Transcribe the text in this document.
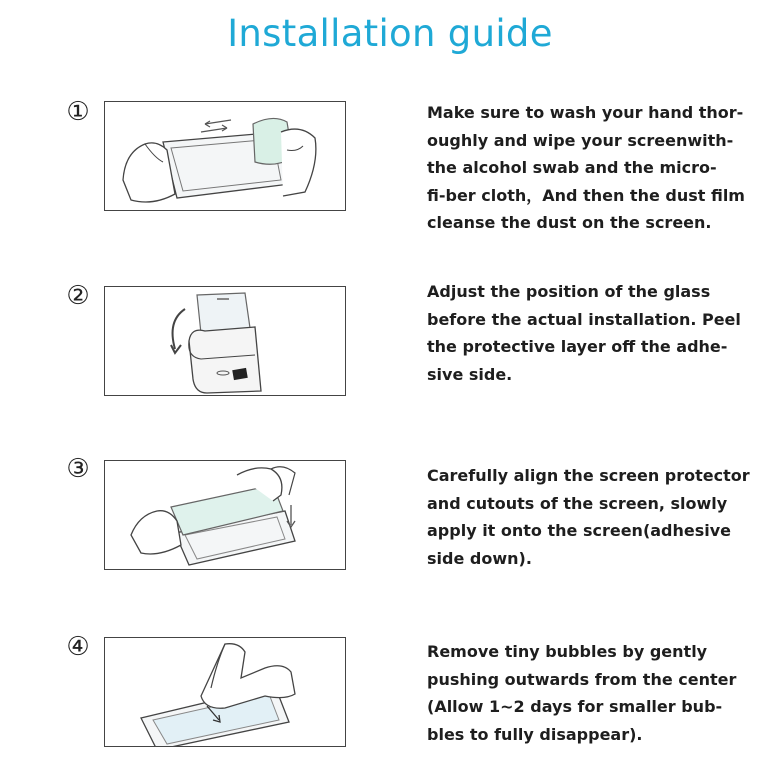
Installation guide
①	Make sure to wash your hand thor-
oughly and wipe your screenwith-
the alcohol swab and the micro-
fi-ber cloth，And then the dust film
cleanse the dust on the screen.

②	Adjust the position of the glass
before the actual installation. Peel
the protective layer off the adhe-
sive side.

③	Carefully align the screen protector
and cutouts of the screen, slowly
apply it onto the screen(adhesive
side down).

④	Remove tiny bubbles by gently
pushing outwards from the center
(Allow 1~2 days for smaller bub-
bles to fully disappear).
